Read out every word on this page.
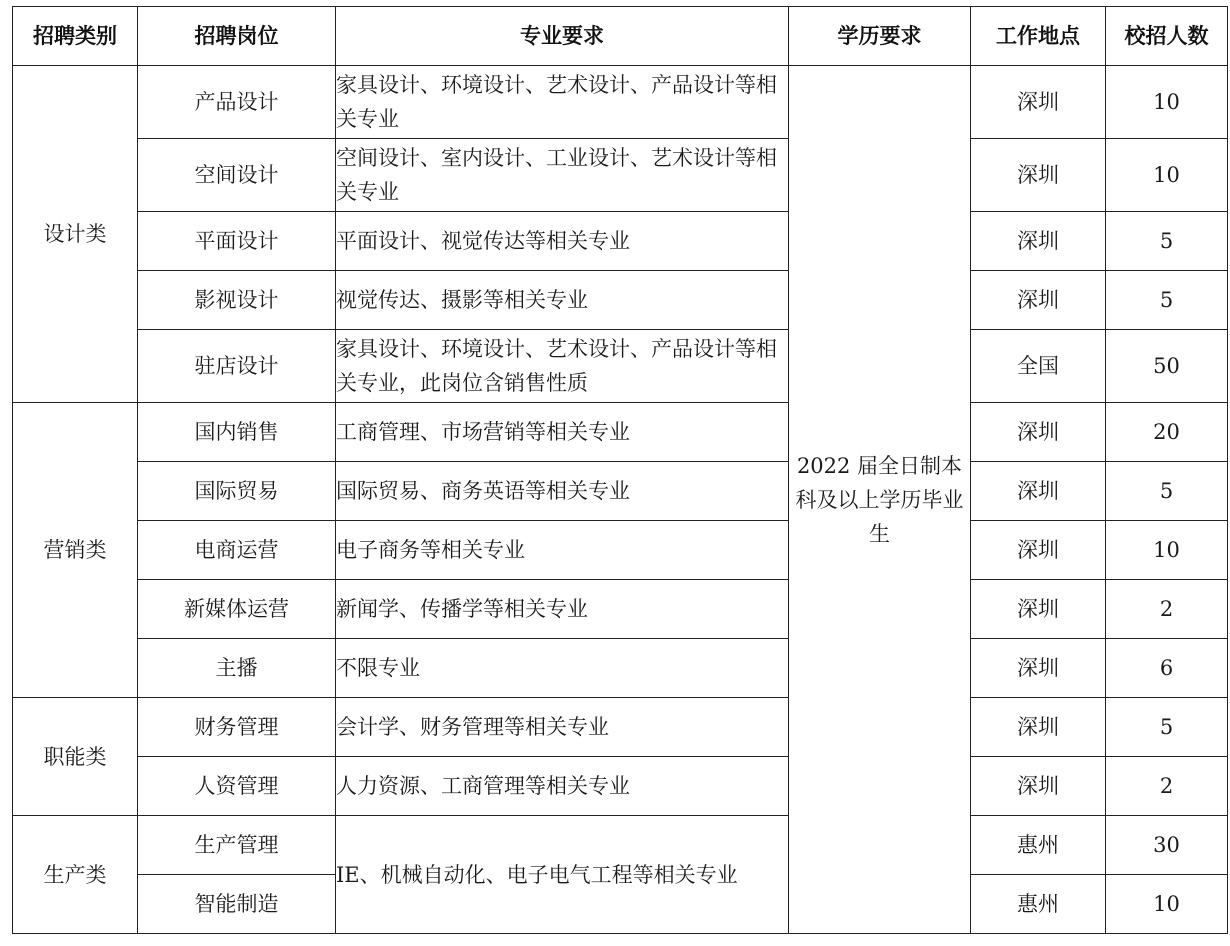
招聘类别	招聘岗位	专业要求	学历要求	工作地点	校招人数
设计类	产品设计	家具设计、环境设计、艺术设计、产品设计等相关专业	2022 届全日制本科及以上学历毕业生	深圳	10
	空间设计	空间设计、室内设计、工业设计、艺术设计等相关专业		深圳	10
	平面设计	平面设计、视觉传达等相关专业		深圳	5
	影视设计	视觉传达、摄影等相关专业		深圳	5
	驻店设计	家具设计、环境设计、艺术设计、产品设计等相关专业，此岗位含销售性质		全国	50
营销类	国内销售	工商管理、市场营销等相关专业		深圳	20
	国际贸易	国际贸易、商务英语等相关专业		深圳	5
	电商运营	电子商务等相关专业		深圳	10
	新媒体运营	新闻学、传播学等相关专业		深圳	2
	主播	不限专业		深圳	6
职能类	财务管理	会计学、财务管理等相关专业		深圳	5
	人资管理	人力资源、工商管理等相关专业		深圳	2
生产类	生产管理	IE、机械自动化、电子电气工程等相关专业		惠州	30
	智能制造			惠州	10
